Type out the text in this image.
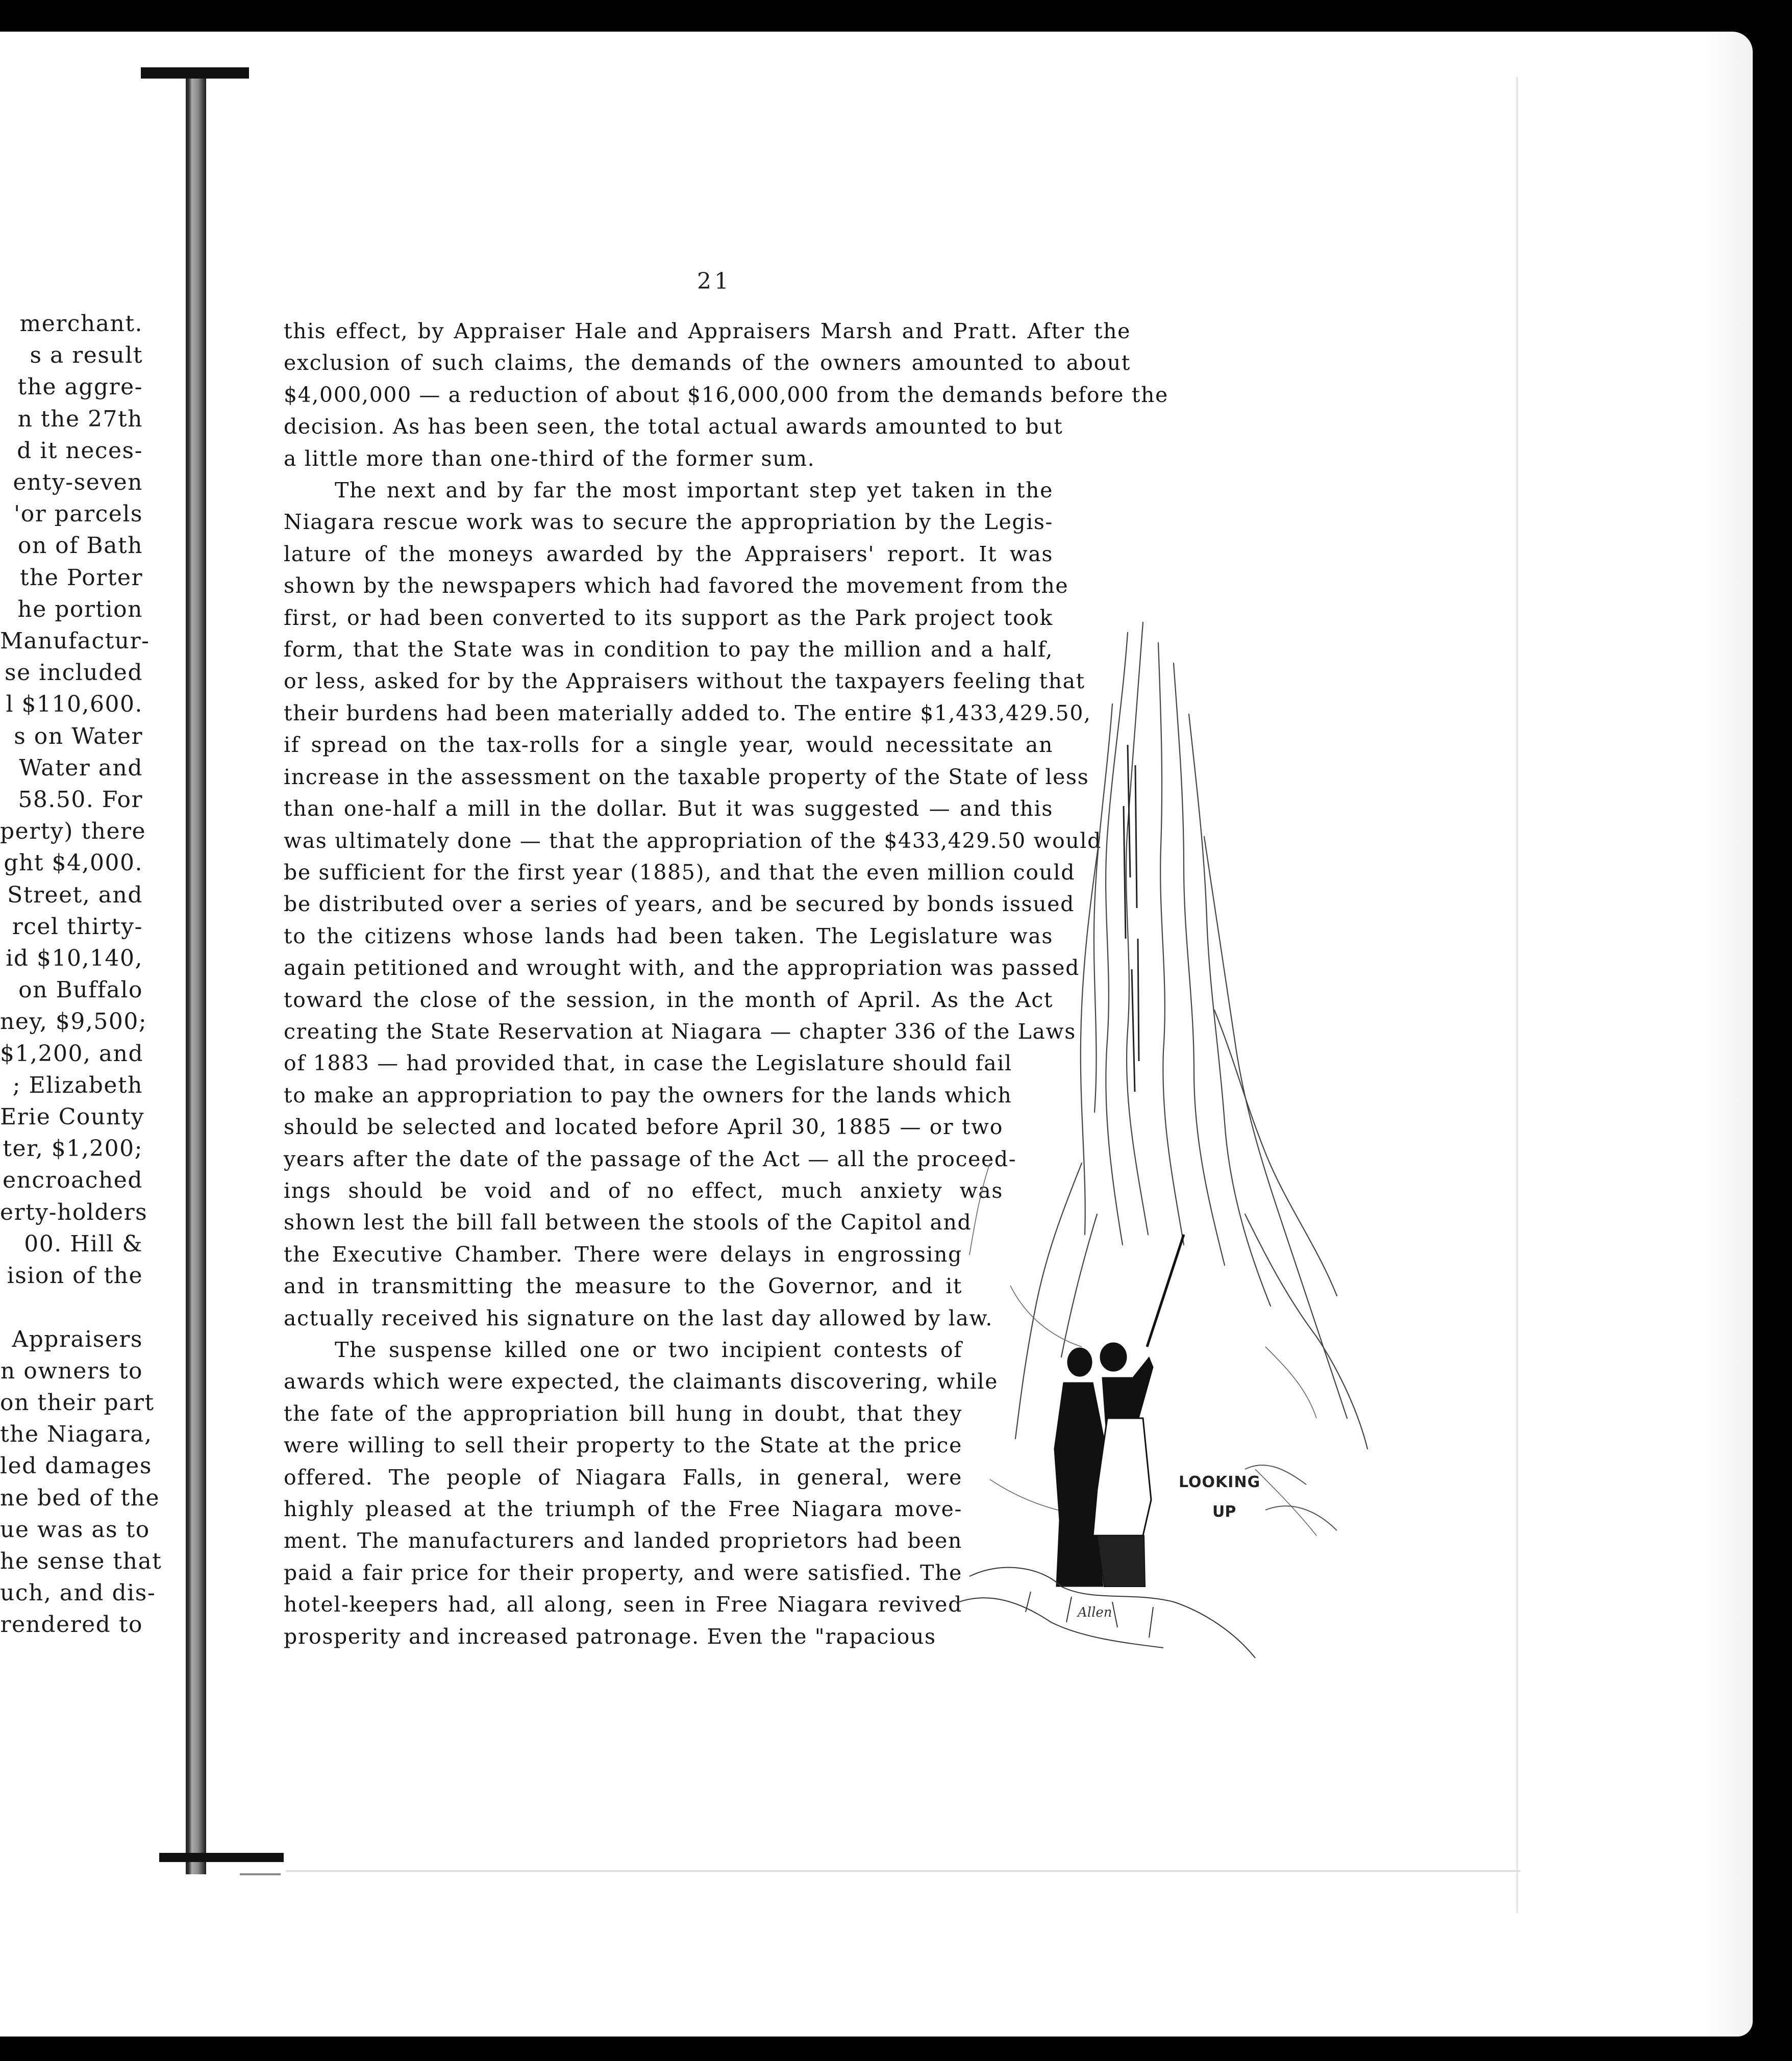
merchant.
s a result
the aggre-
n the 27th
d it neces-
enty-seven
'or parcels
on of Bath
the Porter
he portion
Manufactur-
se included
l $110,600.
s on Water
Water and
58.50. For
perty) there
ght $4,000.
Street, and
rcel thirty-
id $10,140,
on Buffalo
ney, $9,500;
$1,200, and
; Elizabeth
Erie County
ter, $1,200;
encroached
erty-holders
00. Hill &
ision of the

Appraisers
n owners to
on their part
the Niagara,
led damages
ne bed of the
ue was as to
he sense that
uch, and dis-
rendered to
21
this effect, by Appraiser Hale and Appraisers Marsh and Pratt. After the
exclusion of such claims, the demands of the owners amounted to about
$4,000,000 — a reduction of about $16,000,000 from the demands before the
decision. As has been seen, the total actual awards amounted to but
a little more than one-third of the former sum.
The next and by far the most important step yet taken in the
Niagara rescue work was to secure the appropriation by the Legis-
lature of the moneys awarded by the Appraisers' report. It was
shown by the newspapers which had favored the movement from the
first, or had been converted to its support as the Park project took
form, that the State was in condition to pay the million and a half,
or less, asked for by the Appraisers without the taxpayers feeling that
their burdens had been materially added to. The entire $1,433,429.50,
if spread on the tax-rolls for a single year, would necessitate an
increase in the assessment on the taxable property of the State of less
than one-half a mill in the dollar. But it was suggested — and this
was ultimately done — that the appropriation of the $433,429.50 would
be sufficient for the first year (1885), and that the even million could
be distributed over a series of years, and be secured by bonds issued
to the citizens whose lands had been taken. The Legislature was
again petitioned and wrought with, and the appropriation was passed
toward the close of the session, in the month of April. As the Act
creating the State Reservation at Niagara — chapter 336 of the Laws
of 1883 — had provided that, in case the Legislature should fail
to make an appropriation to pay the owners for the lands which
should be selected and located before April 30, 1885 — or two
years after the date of the passage of the Act — all the proceed-
ings should be void and of no effect, much anxiety was
shown lest the bill fall between the stools of the Capitol and
the Executive Chamber. There were delays in engrossing
and in transmitting the measure to the Governor, and it
actually received his signature on the last day allowed by law.
The suspense killed one or two incipient contests of
awards which were expected, the claimants discovering, while
the fate of the appropriation bill hung in doubt, that they
were willing to sell their property to the State at the price
offered. The people of Niagara Falls, in general, were
highly pleased at the triumph of the Free Niagara move-
ment. The manufacturers and landed proprietors had been
paid a fair price for their property, and were satisfied. The
hotel-keepers had, all along, seen in Free Niagara revived
prosperity and increased patronage. Even the "rapacious
LOOKING
UP
Allen
